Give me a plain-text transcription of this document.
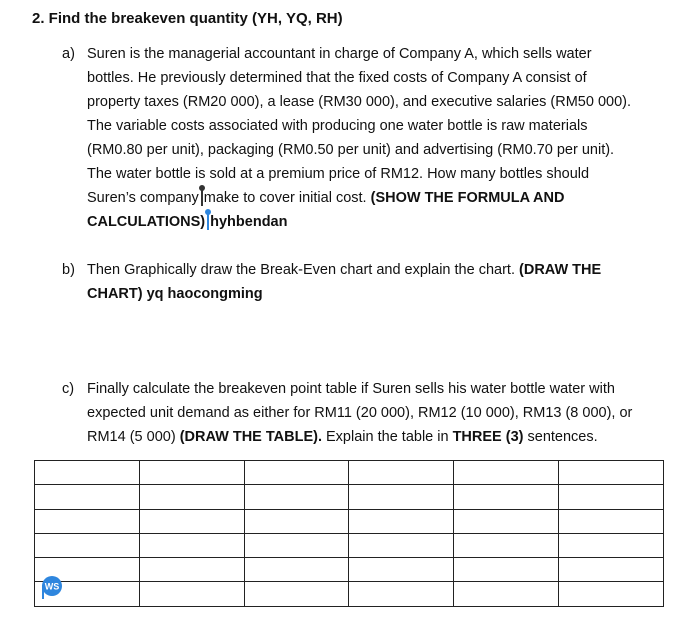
2. Find the breakeven quantity (YH, YQ, RH)
a) Suren is the managerial accountant in charge of Company A, which sells water
bottles. He previously determined that the fixed costs of Company A consist of
property taxes (RM20 000), a lease (RM30 000), and executive salaries (RM50 000).
The variable costs associated with producing one water bottle is raw materials
(RM0.80 per unit), packaging (RM0.50 per unit) and advertising (RM0.70 per unit).
The water bottle is sold at a premium price of RM12. How many bottles should
Suren’s company make to cover initial cost. (SHOW THE FORMULA AND
CALCULATIONS) hyhbendan
b) Then Graphically draw the Break-Even chart and explain the chart. (DRAW THE
CHART) yq haocongming
c) Finally calculate the breakeven point table if Suren sells his water bottle water with
expected unit demand as either for RM11 (20 000), RM12 (10 000), RM13 (8 000), or
RM14 (5 000) (DRAW THE TABLE). Explain the table in THREE (3) sentences.

WS
